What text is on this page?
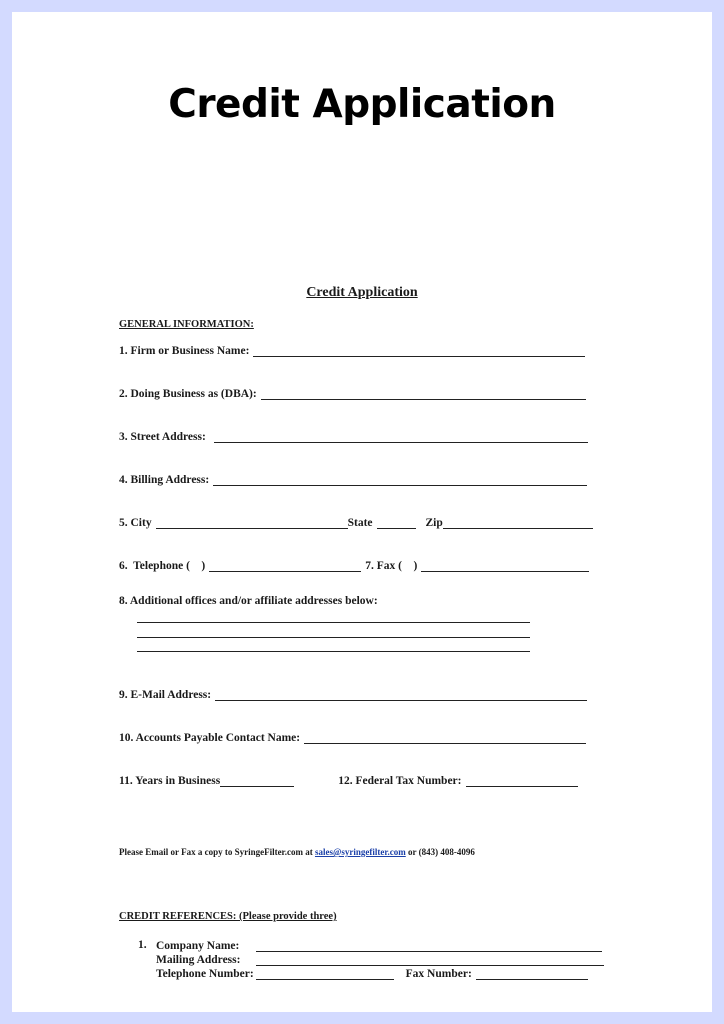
Credit Application
Credit Application
GENERAL INFORMATION:
1. Firm or Business Name:
2. Doing Business as (DBA):
3. Street Address:
4. Billing Address:
5. City	State	Zip
6.  Telephone (    )	7. Fax (    )
8. Additional offices and/or affiliate addresses below:
9. E-Mail Address:
10. Accounts Payable Contact Name:
11. Years in Business	12. Federal Tax Number:
Please Email or Fax a copy to SyringeFilter.com at sales@syringefilter.com or (843) 408-4096
CREDIT REFERENCES: (Please provide three)
1. Company Name:
Mailing Address:
Telephone Number:	Fax Number:
